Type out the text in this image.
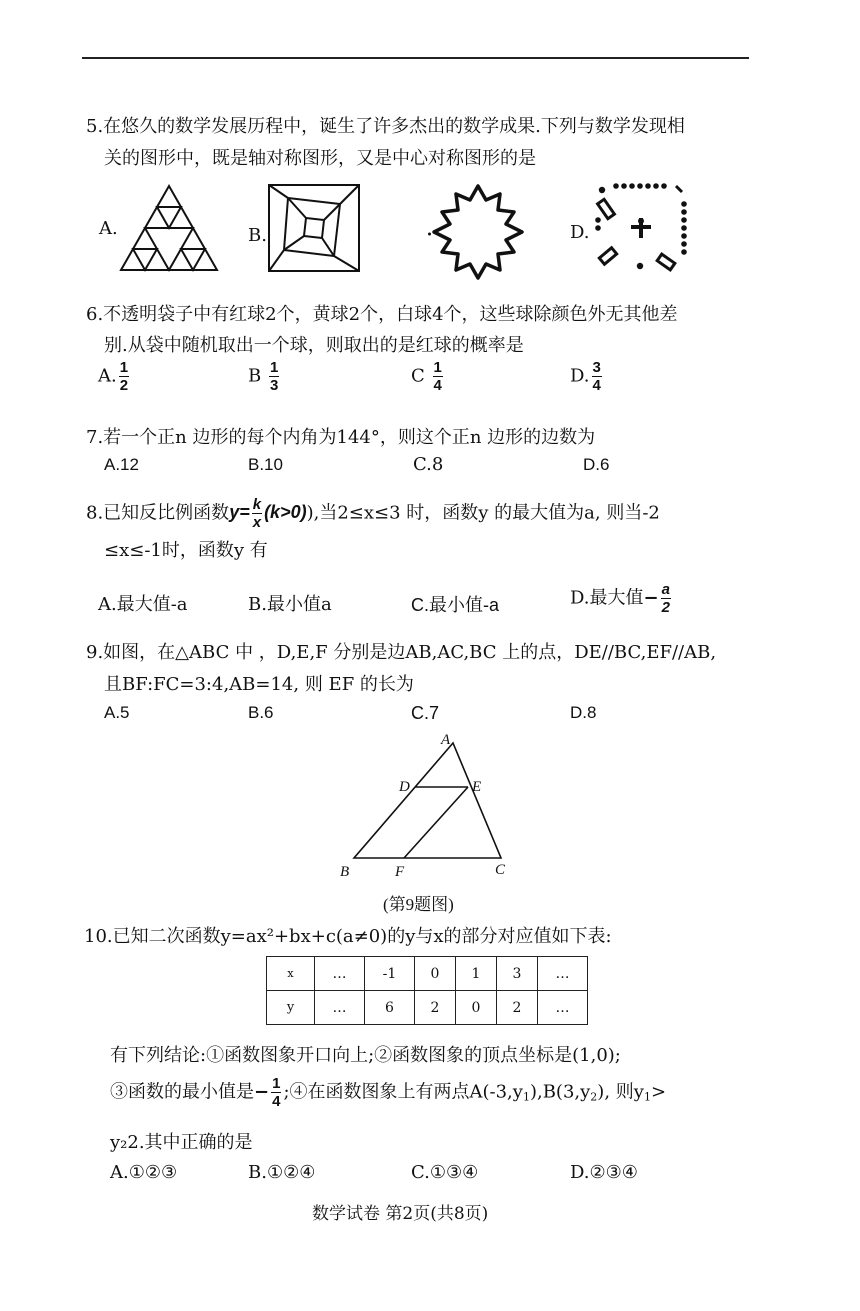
5.在悠久的数学发展历程中，诞生了许多杰出的数学成果.下列与数学发现相
关的图形中，既是轴对称图形，又是中心对称图形的是
A.	B.	D.
6.不透明袋子中有红球2个，黄球2个，白球4个，这些球除颜色外无其他差
别.从袋中随机取出一个球，则取出的是红球的概率是
A. $\frac{1}{2}$	B $\frac{1}{3}$	C $\frac{1}{4}$	D. $\frac{3}{4}$
7.若一个正n 边形的每个内角为144°，则这个正n 边形的边数为
A.12	B.10	C.8	D.6
8.已知反比例函数$y= \frac{k}{x} (k>0)$),当2≤x≤3 时，函数y 的最大值为a, 则当-2
≤x≤-1时，函数y 有
A.最大值-a	B.最小值a	C.最小值-a	D.最大值− $\frac{a}{2}$
9.如图，在△ABC 中 ，D,E,F 分别是边AB,AC,BC 上的点，DE//BC,EF//AB,
且BF:FC=3:4,AB=14, 则 EF 的长为
A.5	B.6	C.7	D.8
A
D	E
B	F	C
(第9题图)
10.已知二次函数y=ax²+bx+c(a≠0)的y与x的部分对应值如下表:
x	…	-1	0	1	3	…
y	…	6	2	0	2	…
有下列结论:①函数图象开口向上;②函数图象的顶点坐标是(1,0);
③函数的最小值是− $\frac{1}{4}$ ;④在函数图象上有两点$A(-3,y_1),B(3,y_2)$, 则$y_1>$
y₂2.其中正确的是
A.①②③	B.①②④	C.①③④	D.②③④
数学试卷 第2页(共8页)
